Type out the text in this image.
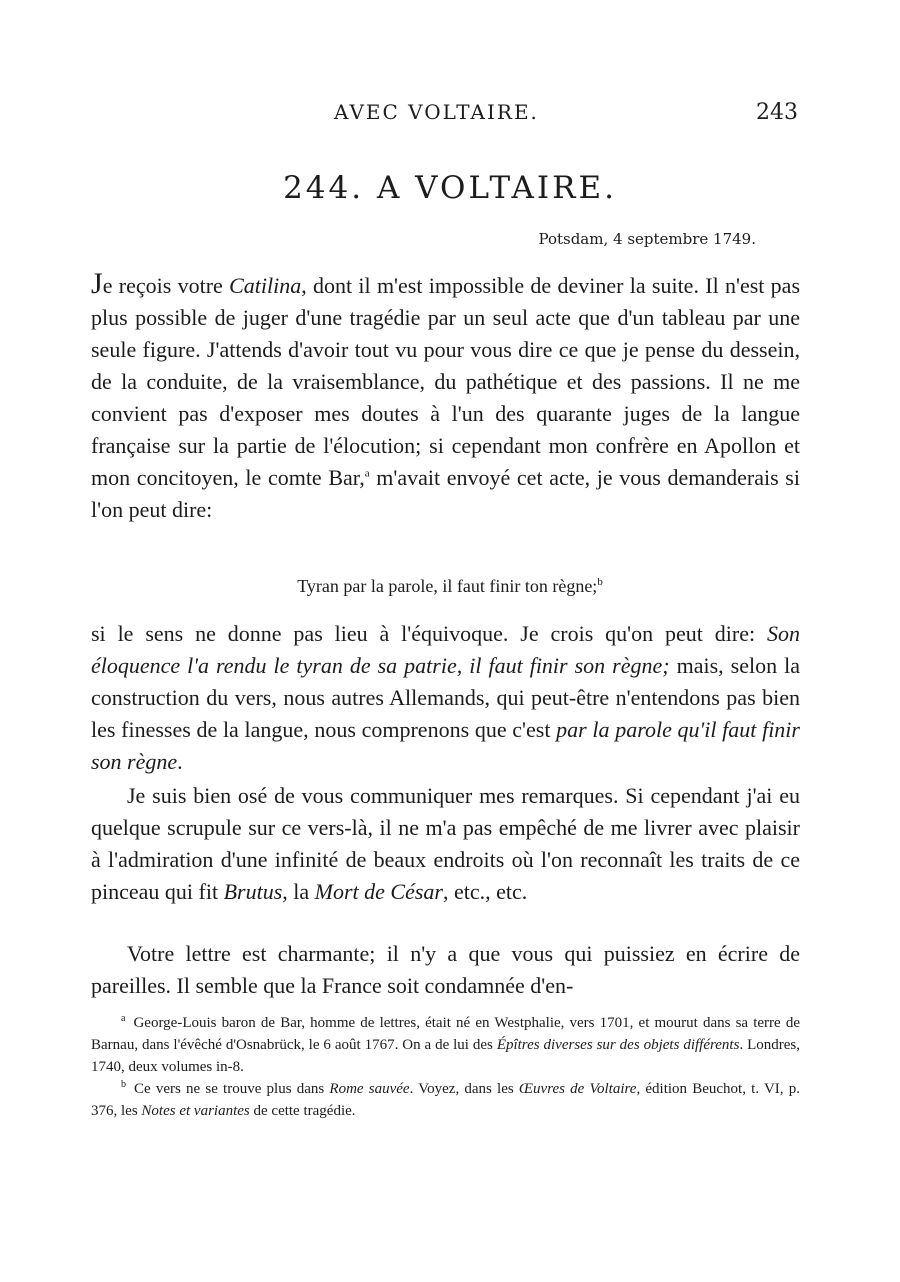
AVEC VOLTAIRE.	243
244. A VOLTAIRE.
Potsdam, 4 septembre 1749.

Je reçois votre Catilina, dont il m'est impossible de deviner la suite. Il n'est pas plus possible de juger d'une tragédie par un seul acte que d'un tableau par une seule figure. J'attends d'avoir tout vu pour vous dire ce que je pense du dessein, de la conduite, de la vraisemblance, du pathétique et des passions. Il ne me convient pas d'exposer mes doutes à l'un des quarante juges de la langue française sur la partie de l'élocution; si cependant mon confrère en Apollon et mon concitoyen, le comte Bar,$^a$ m'avait envoyé cet acte, je vous demanderais si l'on peut dire:

Tyran par la parole, il faut finir ton règne;$^b$

si le sens ne donne pas lieu à l'équivoque. Je crois qu'on peut dire: Son éloquence l'a rendu le tyran de sa patrie, il faut finir son règne; mais, selon la construction du vers, nous autres Allemands, qui peut-être n'entendons pas bien les finesses de la langue, nous comprenons que c'est par la parole qu'il faut finir son règne.

Je suis bien osé de vous communiquer mes remarques. Si cependant j'ai eu quelque scrupule sur ce vers-là, il ne m'a pas empêché de me livrer avec plaisir à l'admiration d'une infinité de beaux endroits où l'on reconnaît les traits de ce pinceau qui fit Brutus, la Mort de César, etc., etc.

Votre lettre est charmante; il n'y a que vous qui puissiez en écrire de pareilles. Il semble que la France soit condamnée d'en-

$^a$ George-Louis baron de Bar, homme de lettres, était né en Westphalie, vers 1701, et mourut dans sa terre de Barnau, dans l'évêché d'Osnabrück, le 6 août 1767. On a de lui des Épîtres diverses sur des objets différents. Londres, 1740, deux volumes in-8.

$^b$ Ce vers ne se trouve plus dans Rome sauvée. Voyez, dans les Œuvres de Voltaire, édition Beuchot, t. VI, p. 376, les Notes et variantes de cette tragédie.
